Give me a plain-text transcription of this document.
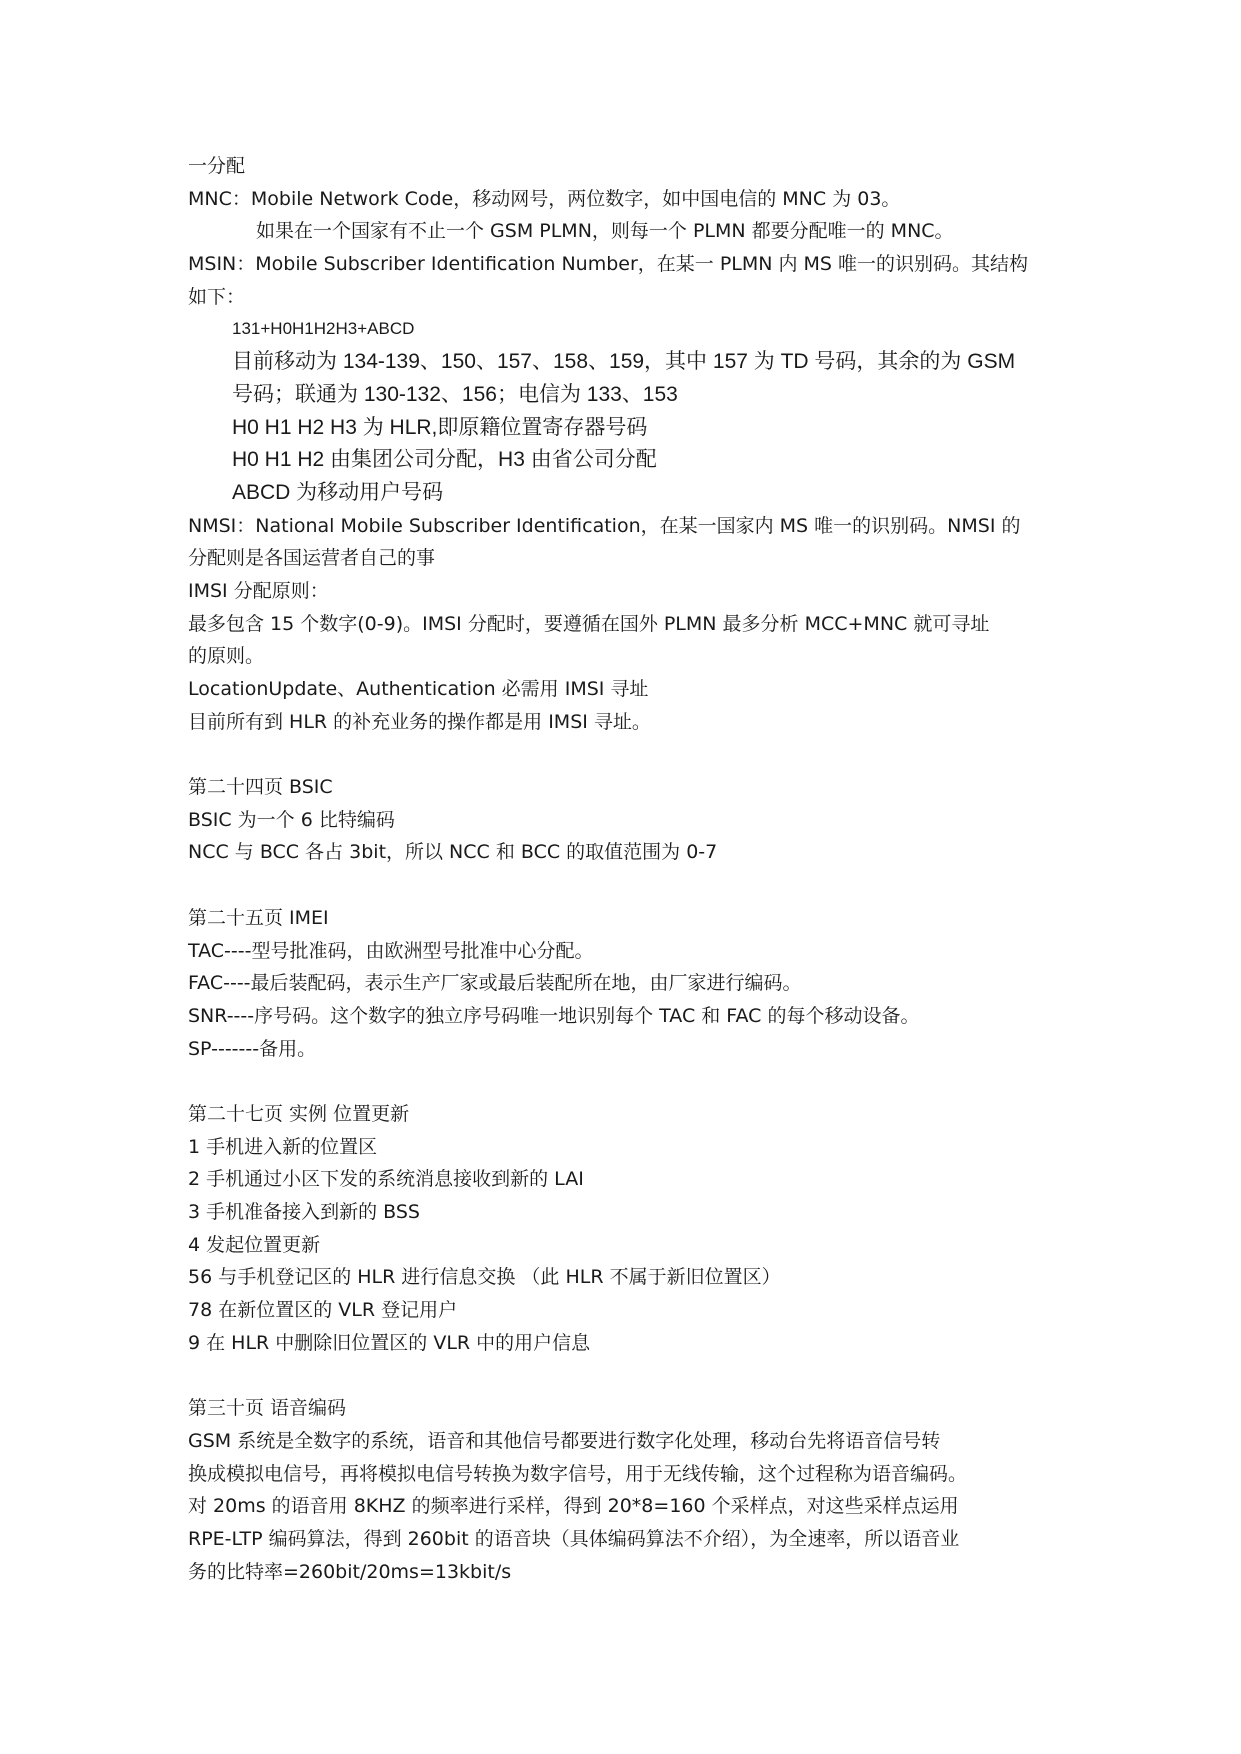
一分配
MNC：Mobile Network Code，移动网号，两位数字，如中国电信的 MNC 为 03。
如果在一个国家有不止一个 GSM PLMN，则每一个 PLMN 都要分配唯一的 MNC。
MSIN：Mobile Subscriber Identification Number，在某一 PLMN 内 MS 唯一的识别码。其结构
如下：
131+H0H1H2H3+ABCD
目前移动为 134-139、150、157、158、159，其中 157 为 TD 号码，其余的为 GSM
号码；联通为 130-132、156；电信为 133、153
H0 H1 H2 H3 为 HLR,即原籍位置寄存器号码
H0 H1 H2 由集团公司分配，H3 由省公司分配
ABCD 为移动用户号码
NMSI：National Mobile Subscriber Identification，在某一国家内 MS 唯一的识别码。NMSI 的
分配则是各国运营者自己的事
IMSI 分配原则：
最多包含 15 个数字(0-9)。IMSI 分配时，要遵循在国外 PLMN 最多分析 MCC+MNC 就可寻址
的原则。
LocationUpdate、Authentication 必需用 IMSI 寻址
目前所有到 HLR 的补充业务的操作都是用 IMSI 寻址。
第二十四页 BSIC
BSIC 为一个 6 比特编码
NCC 与 BCC 各占 3bit，所以 NCC 和 BCC 的取值范围为 0-7
第二十五页 IMEI
TAC----型号批准码，由欧洲型号批准中心分配。
FAC----最后装配码，表示生产厂家或最后装配所在地，由厂家进行编码。
SNR----序号码。这个数字的独立序号码唯一地识别每个 TAC 和 FAC 的每个移动设备。
SP-------备用。
第二十七页 实例 位置更新
1 手机进入新的位置区
2 手机通过小区下发的系统消息接收到新的 LAI
3 手机准备接入到新的 BSS
4 发起位置更新
56 与手机登记区的 HLR 进行信息交换 （此 HLR 不属于新旧位置区）
78 在新位置区的 VLR 登记用户
9 在 HLR 中删除旧位置区的 VLR 中的用户信息
第三十页 语音编码
GSM 系统是全数字的系统，语音和其他信号都要进行数字化处理，移动台先将语音信号转
换成模拟电信号，再将模拟电信号转换为数字信号，用于无线传输，这个过程称为语音编码。
对 20ms 的语音用 8KHZ 的频率进行采样，得到 20*8=160 个采样点，对这些采样点运用
RPE-LTP 编码算法，得到 260bit 的语音块（具体编码算法不介绍），为全速率，所以语音业
务的比特率=260bit/20ms=13kbit/s
